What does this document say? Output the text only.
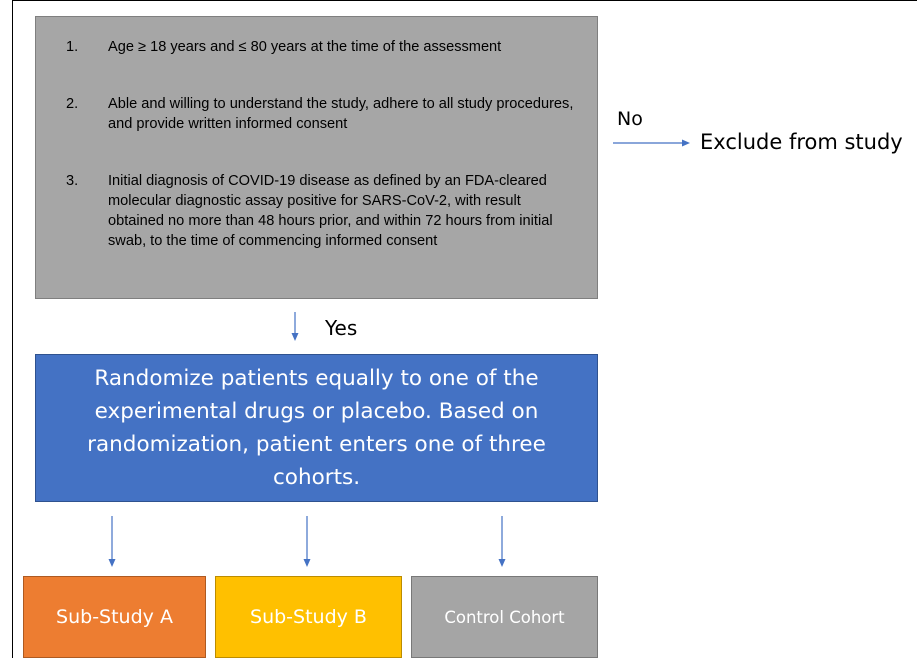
1. Age ≥ 18 years and ≤ 80 years at the time of the assessment
2. Able and willing to understand the study, adhere to all study procedures, and provide written informed consent
3. Initial diagnosis of COVID-19 disease as defined by an FDA-cleared molecular diagnostic assay positive for SARS-CoV-2, with result obtained no more than 48 hours prior, and within 72 hours from initial swab, to the time of commencing informed consent
No
Exclude from study
Yes
Randomize patients equally to one of the experimental drugs or placebo. Based on randomization, patient enters one of three cohorts.
Sub-Study A	Sub-Study B	Control Cohort
